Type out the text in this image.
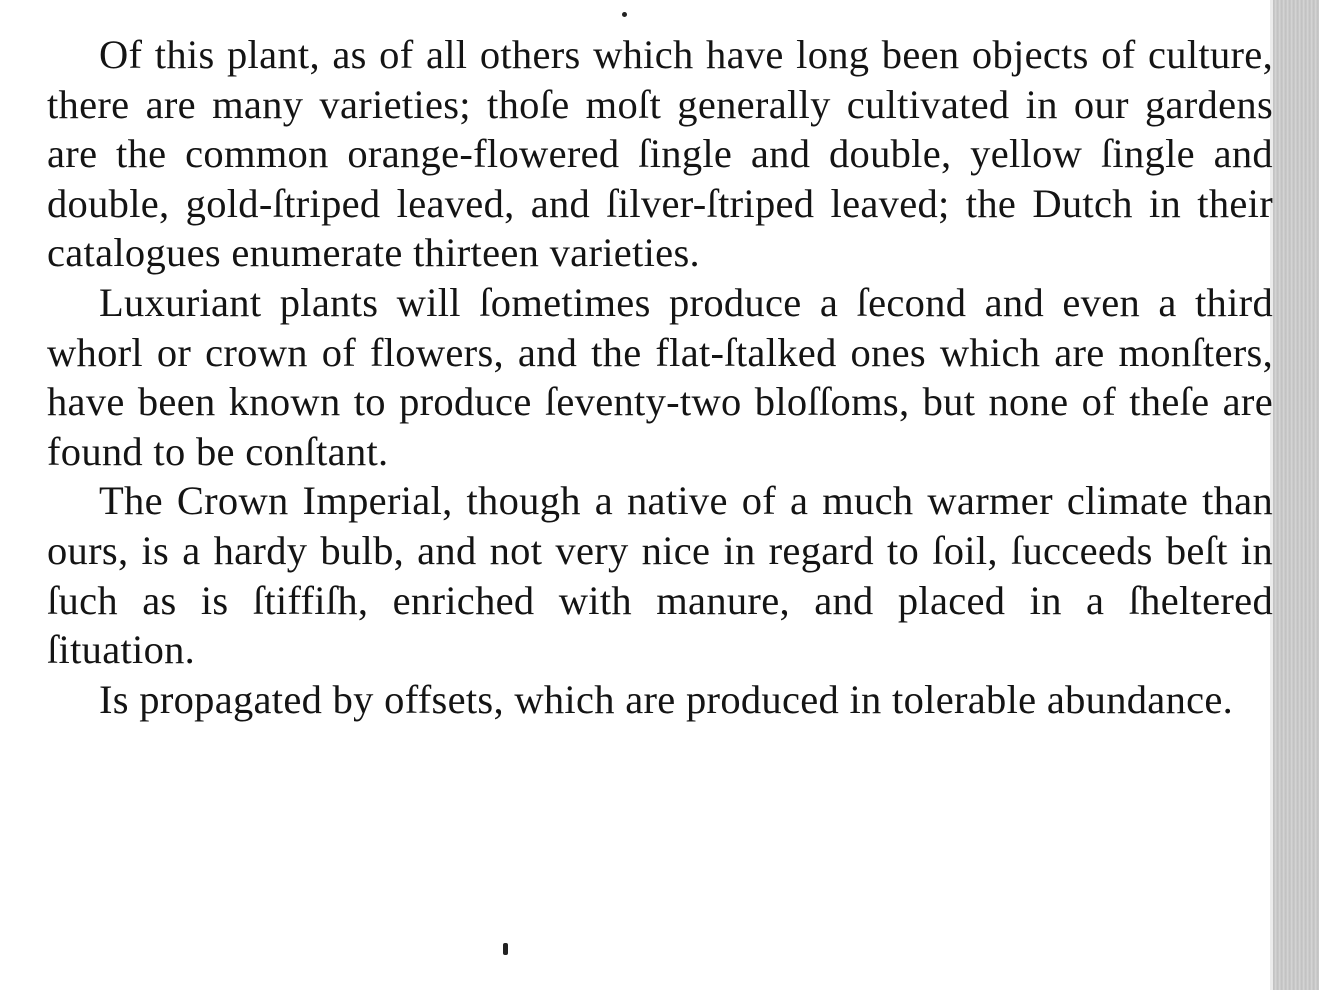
Of this plant, as of all others which have long been objects of culture, there are many varieties; thoſe moſt generally cultivated in our gardens are the common orange-flowered ſingle and double, yellow ſingle and double, gold-ſtriped leaved, and ſilver-ſtriped leaved; the Dutch in their catalogues enumerate thirteen varieties.

Luxuriant plants will ſometimes produce a ſecond and even a third whorl or crown of flowers, and the flat-ſtalked ones which are monſters, have been known to produce ſeventy-two bloſſoms, but none of theſe are found to be conſtant.

The Crown Imperial, though a native of a much warmer climate than ours, is a hardy bulb, and not very nice in regard to ſoil, ſucceeds beſt in ſuch as is ſtiffiſh, enriched with manure, and placed in a ſheltered ſituation.

Is propagated by offsets, which are produced in tolerable abundance.
